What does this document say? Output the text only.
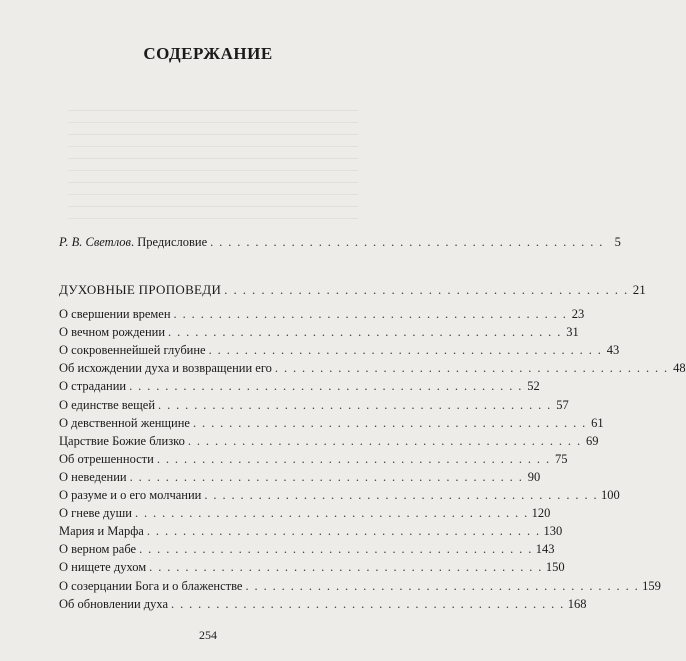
СОДЕРЖАНИЕ
Р. В. Светлов. Предисловие . . . . . . . . . . . . . . . . . . . . . . . . . . . . . . . . . . . . . . . . . . . . 5
ДУХОВНЫЕ ПРОПОВЕДИ . . . . . . . . . . . . . . . . . . . . . . . . . . . . . . . . . . . . . . . . . . . . 21
О свершении времен . . . . . . . . . . . . . . . . . . . . . . . . . . . . . . . . . . . . . . . . . . . . 23
О вечном рождении . . . . . . . . . . . . . . . . . . . . . . . . . . . . . . . . . . . . . . . . . . . . 31
О сокровеннейшей глубине . . . . . . . . . . . . . . . . . . . . . . . . . . . . . . . . . . . . . . . . . . . . 43
Об исхождении духа и возвращении его . . . . . . . . . . . . . . . . . . . . . . . . . . . . . . . . . . . . . . . . . . . . 48
О страдании . . . . . . . . . . . . . . . . . . . . . . . . . . . . . . . . . . . . . . . . . . . . 52
О единстве вещей . . . . . . . . . . . . . . . . . . . . . . . . . . . . . . . . . . . . . . . . . . . . 57
О девственной женщине . . . . . . . . . . . . . . . . . . . . . . . . . . . . . . . . . . . . . . . . . . . . 61
Царствие Божие близко . . . . . . . . . . . . . . . . . . . . . . . . . . . . . . . . . . . . . . . . . . . . 69
Об отрешенности . . . . . . . . . . . . . . . . . . . . . . . . . . . . . . . . . . . . . . . . . . . . 75
О неведении . . . . . . . . . . . . . . . . . . . . . . . . . . . . . . . . . . . . . . . . . . . . 90
О разуме и о его молчании . . . . . . . . . . . . . . . . . . . . . . . . . . . . . . . . . . . . . . . . . . . . 100
О гневе души . . . . . . . . . . . . . . . . . . . . . . . . . . . . . . . . . . . . . . . . . . . . 120
Мария и Марфа . . . . . . . . . . . . . . . . . . . . . . . . . . . . . . . . . . . . . . . . . . . . 130
О верном рабе . . . . . . . . . . . . . . . . . . . . . . . . . . . . . . . . . . . . . . . . . . . . 143
О нищете духом . . . . . . . . . . . . . . . . . . . . . . . . . . . . . . . . . . . . . . . . . . . . 150
О созерцании Бога и о блаженстве . . . . . . . . . . . . . . . . . . . . . . . . . . . . . . . . . . . . . . . . . . . . 159
Об обновлении духа . . . . . . . . . . . . . . . . . . . . . . . . . . . . . . . . . . . . . . . . . . . . 168
254
